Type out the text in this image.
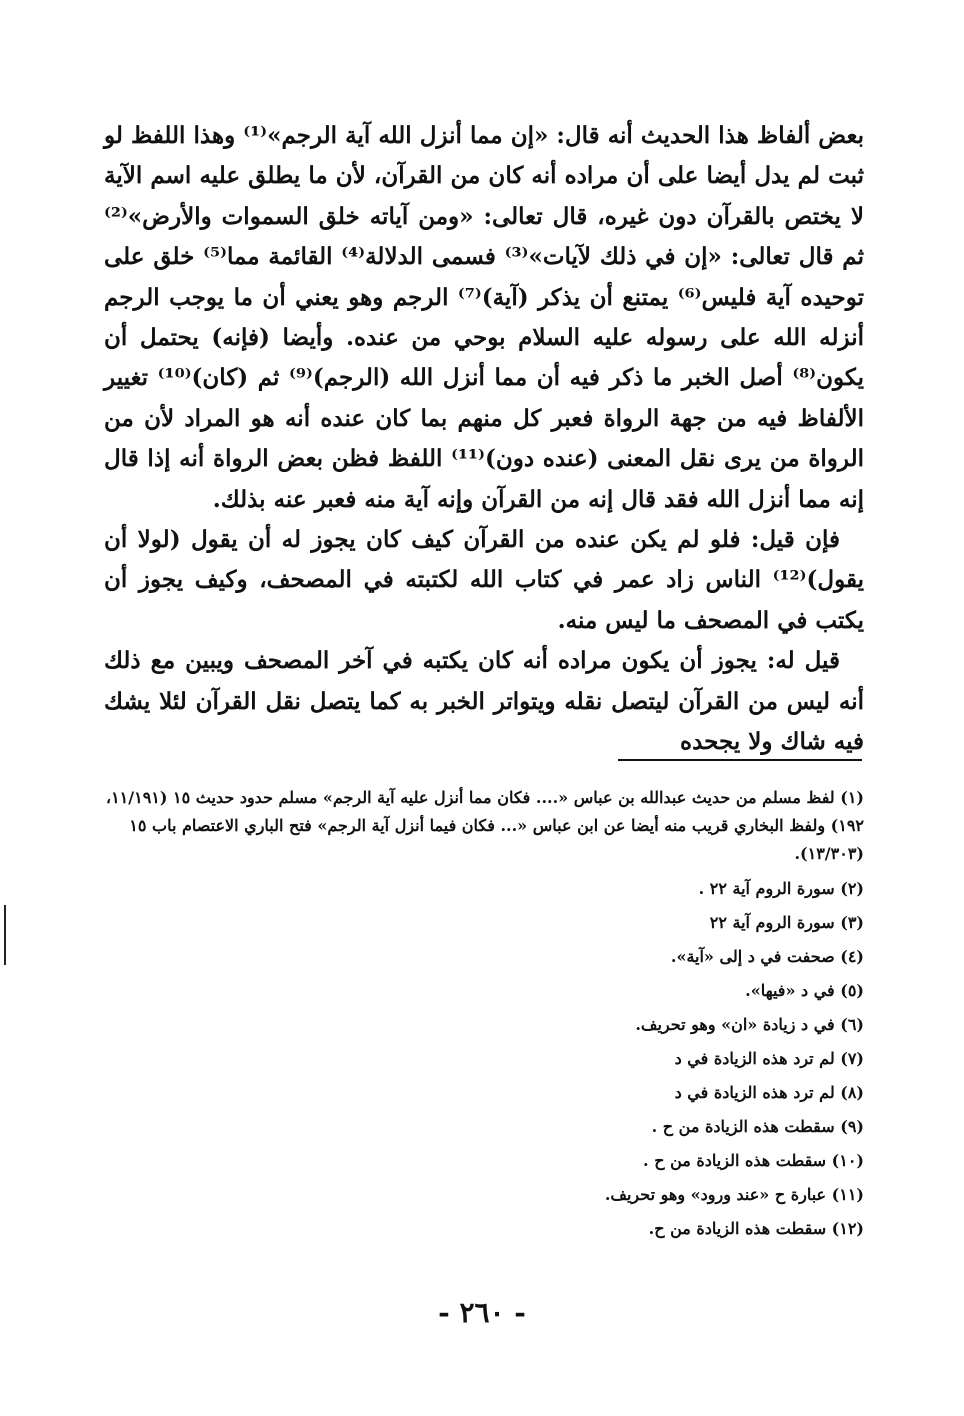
بعض ألفاظ هذا الحديث أنه قال: «إن مما أنزل الله آية الرجم»⁽¹⁾ وهذا اللفظ لو ثبت لم يدل أيضا على أن مراده أنه كان من القرآن، لأن ما يطلق عليه اسم الآية لا يختص بالقرآن دون غيره، قال تعالى: «ومن آياته خلق السموات والأرض»⁽²⁾ ثم قال تعالى: «إن في ذلك لآيات»⁽³⁾ فسمى الدلالة⁽⁴⁾ القائمة مما⁽⁵⁾ خلق على توحيده آية فليس⁽⁶⁾ يمتنع أن يذكر (آية)⁽⁷⁾ الرجم وهو يعني أن ما يوجب الرجم أنزله الله على رسوله عليه السلام بوحي من عنده. وأيضا (فإنه) يحتمل أن يكون⁽⁸⁾ أصل الخبر ما ذكر فيه أن مما أنزل الله (الرجم)⁽⁹⁾ ثم (كان)⁽¹⁰⁾ تغيير الألفاظ فيه من جهة الرواة فعبر كل منهم بما كان عنده أنه هو المراد لأن من الرواة من يرى نقل المعنى (عنده دون)⁽¹¹⁾ اللفظ فظن بعض الرواة أنه إذا قال إنه مما أنزل الله فقد قال إنه من القرآن وإنه آية منه فعبر عنه بذلك.

فإن قيل: فلو لم يكن عنده من القرآن كيف كان يجوز له أن يقول (لولا أن يقول)⁽¹²⁾ الناس زاد عمر في كتاب الله لكتبته في المصحف، وكيف يجوز أن يكتب في المصحف ما ليس منه.

قيل له: يجوز أن يكون مراده أنه كان يكتبه في آخر المصحف ويبين مع ذلك أنه ليس من القرآن ليتصل نقله ويتواتر الخبر به كما يتصل نقل القرآن لئلا يشك فيه شاك ولا يجحده

(١) لفظ مسلم من حديث عبدالله بن عباس «.... فكان مما أنزل عليه آية الرجم» مسلم حدود حديث ١٥ (١١/١٩١، ١٩٢) ولفظ البخاري قريب منه أيضا عن ابن عباس «... فكان فيما أنزل آية الرجم» فتح الباري الاعتصام باب ١٥ (١٣/٣٠٣).

(٢) سورة الروم آية ٢٢ .

(٣) سورة الروم آية ٢٢

(٤) صحفت في د إلى «آية».

(٥) في د «فيها».

(٦) في د زيادة «ان» وهو تحريف.

(٧) لم ترد هذه الزيادة في د

(٨) لم ترد هذه الزيادة في د

(٩) سقطت هذه الزيادة من ح .

(١٠) سقطت هذه الزيادة من ح .

(١١) عبارة ح «عند ورود» وهو تحريف.

(١٢) سقطت هذه الزيادة من ح.

- ٢٦٠ -
